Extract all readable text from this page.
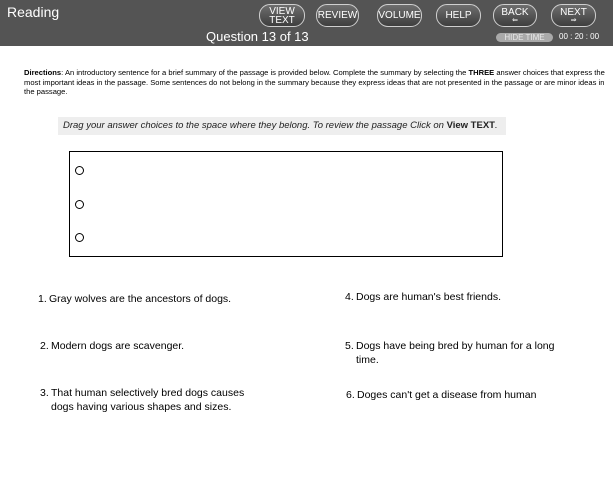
Reading	VIEW
TEXT REVIEW VOLUME HELP	BACK
⇐
NEXT
⇒
Question 13 of 13	HIDE TIME	00 : 20 : 00
Directions: An introductory sentence for a brief summary of the passage is provided below. Complete the summary by selecting the THREE answer choices that express the most important ideas in the passage. Some sentences do not belong in the summary because they express ideas that are not presented in the passage or are minor ideas in the passage.
Drag your answer choices to the space where they belong. To review the passage Click on View TEXT.
1. Gray wolves are the ancestors of dogs.
2. Modern dogs are scavenger.
3. That human selectively bred dogs causes dogs having various shapes and sizes.
4. Dogs are human's best friends.
5. Dogs have being bred by human for a long time.
6. Doges can't get a disease from human
